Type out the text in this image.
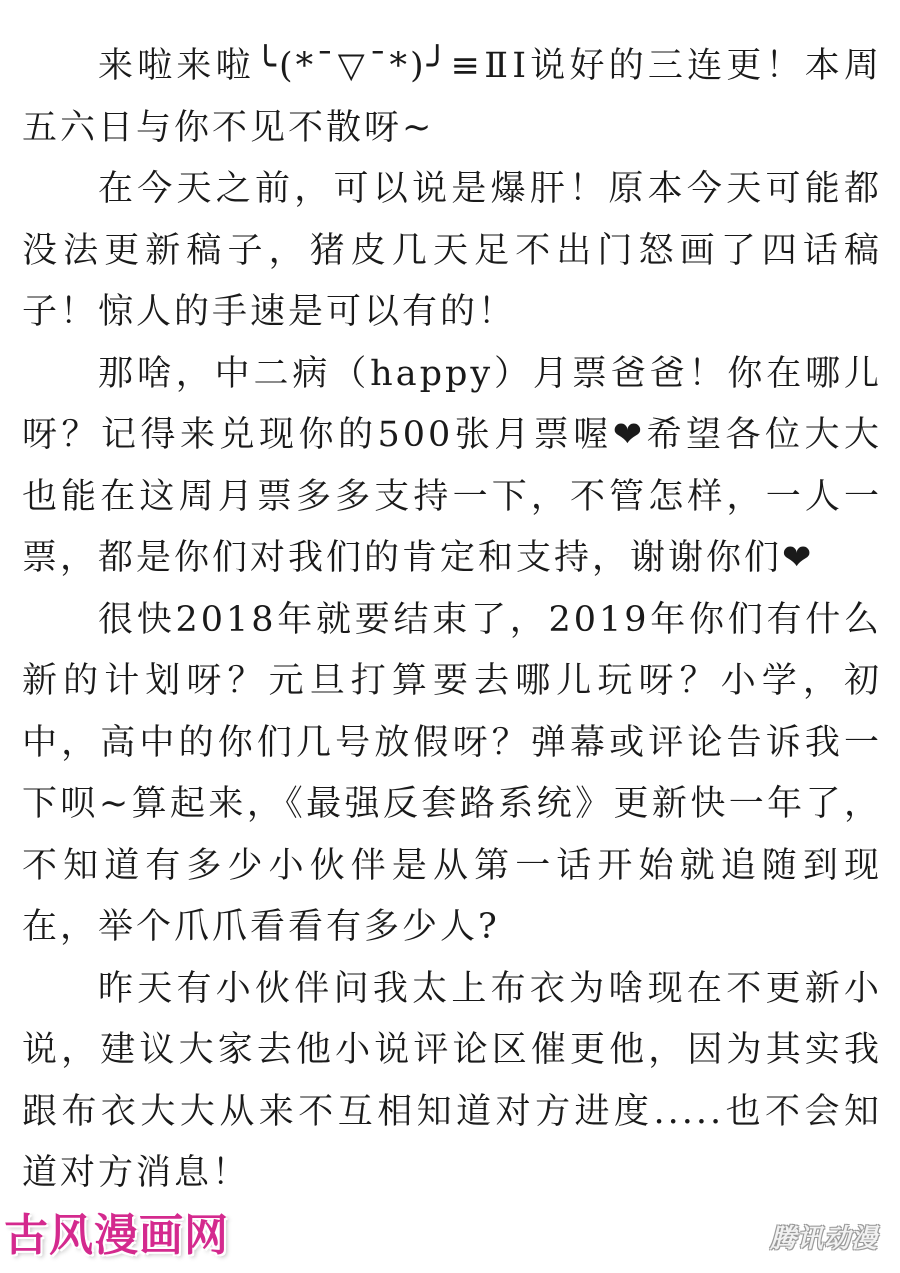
来啦来啦╰(*¯▽¯*)╯≡ⅡⅠ说好的三连更！本周五六日与你不见不散呀~

在今天之前，可以说是爆肝！原本今天可能都没法更新稿子，猪皮几天足不出门怒画了四话稿子！惊人的手速是可以有的！

那啥，中二病（happy）月票爸爸！你在哪儿呀？记得来兑现你的500张月票喔❤希望各位大大也能在这周月票多多支持一下，不管怎样，一人一票，都是你们对我们的肯定和支持，谢谢你们❤

很快2018年就要结束了，2019年你们有什么新的计划呀？元旦打算要去哪儿玩呀？小学，初中，高中的你们几号放假呀？弹幕或评论告诉我一下呗~算起来，《最强反套路系统》更新快一年了，不知道有多少小伙伴是从第一话开始就追随到现在，举个爪爪看看有多少人?

昨天有小伙伴问我太上布衣为啥现在不更新小说，建议大家去他小说评论区催更他，因为其实我跟布衣大大从来不互相知道对方进度.....也不会知道对方消息！

古风漫画网	腾讯动漫
